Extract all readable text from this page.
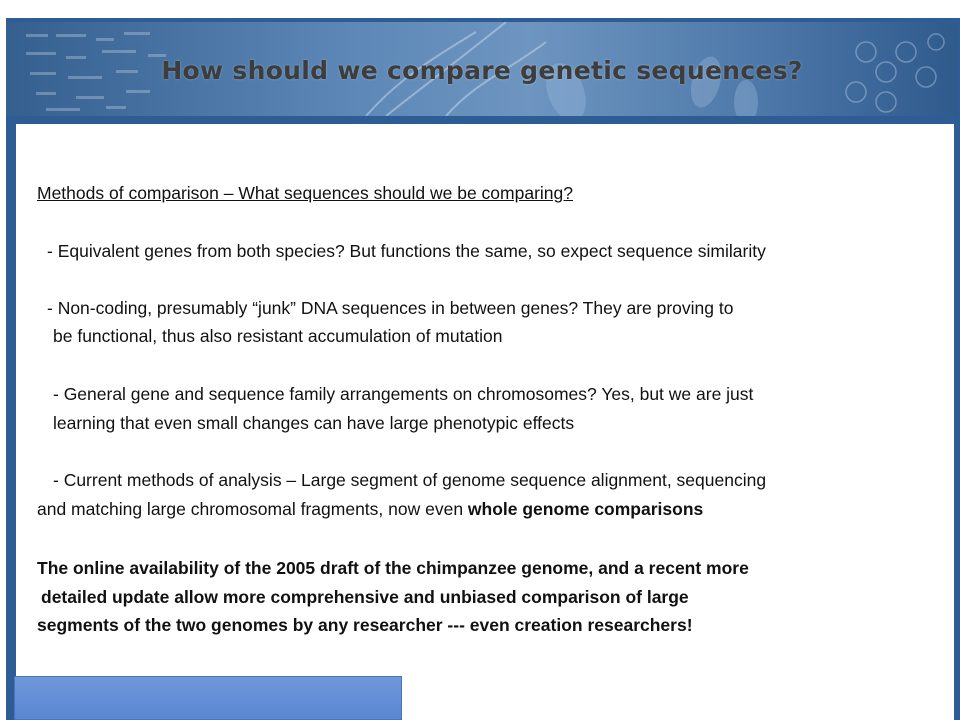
How should we compare genetic sequences?

Methods of comparison – What sequences should we be comparing?

- Equivalent genes from both species? But functions the same, so expect sequence similarity

- Non-coding, presumably “junk” DNA sequences in between genes? They are proving to

be functional, thus also resistant accumulation of mutation

- General gene and sequence family arrangements on chromosomes? Yes, but we are just

learning that even small changes can have large phenotypic effects

- Current methods of analysis – Large segment of genome sequence alignment, sequencing

and matching large chromosomal fragments, now even whole genome comparisons

The online availability of the 2005 draft of the chimpanzee genome, and a recent more

detailed update allow more comprehensive and unbiased comparison of large

segments of the two genomes by any researcher --- even creation researchers!
